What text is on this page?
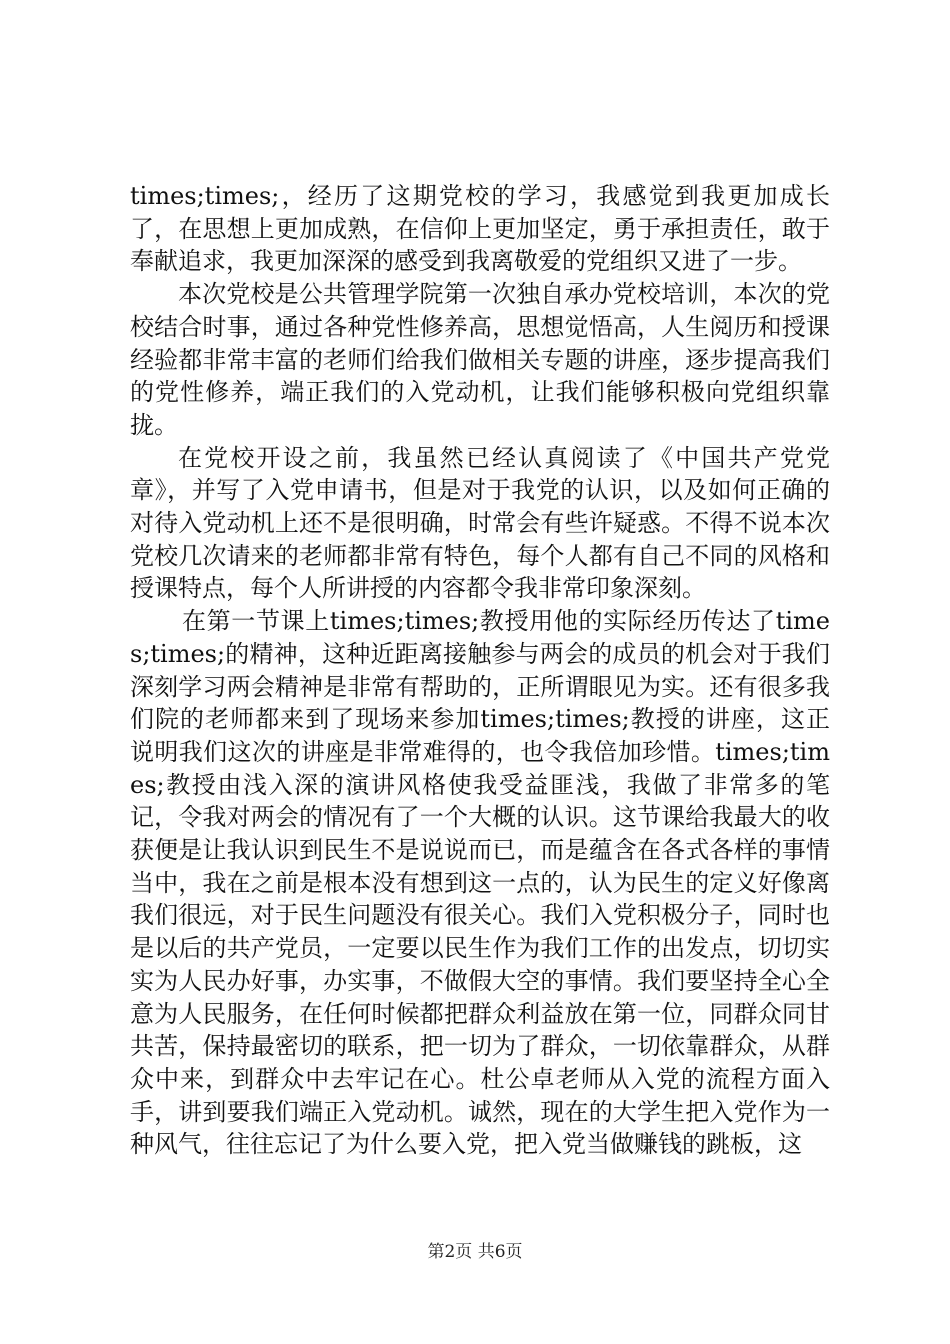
times;times;，经历了这期党校的学习，我感觉到我更加成长了，在思想上更加成熟，在信仰上更加坚定，勇于承担责任，敢于奉献追求，我更加深深的感受到我离敬爱的党组织又进了一步。

本次党校是公共管理学院第一次独自承办党校培训，本次的党校结合时事，通过各种党性修养高，思想觉悟高，人生阅历和授课经验都非常丰富的老师们给我们做相关专题的讲座，逐步提高我们的党性修养，端正我们的入党动机，让我们能够积极向党组织靠拢。

在党校开设之前，我虽然已经认真阅读了《中国共产党党章》，并写了入党申请书，但是对于我党的认识，以及如何正确的对待入党动机上还不是很明确，时常会有些许疑惑。不得不说本次党校几次请来的老师都非常有特色，每个人都有自己不同的风格和授课特点，每个人所讲授的内容都令我非常印象深刻。

在第一节课上times;times;教授用他的实际经历传达了times;times;的精神，这种近距离接触参与两会的成员的机会对于我们深刻学习两会精神是非常有帮助的，正所谓眼见为实。还有很多我们院的老师都来到了现场来参加times;times;教授的讲座，这正说明我们这次的讲座是非常难得的，也令我倍加珍惜。times;times;教授由浅入深的演讲风格使我受益匪浅，我做了非常多的笔记，令我对两会的情况有了一个大概的认识。这节课给我最大的收获便是让我认识到民生不是说说而已，而是蕴含在各式各样的事情当中，我在之前是根本没有想到这一点的，认为民生的定义好像离我们很远，对于民生问题没有很关心。我们入党积极分子，同时也是以后的共产党员，一定要以民生作为我们工作的出发点，切切实实为人民办好事，办实事，不做假大空的事情。我们要坚持全心全意为人民服务，在任何时候都把群众利益放在第一位，同群众同甘共苦，保持最密切的联系，把一切为了群众，一切依靠群众，从群众中来，到群众中去牢记在心。杜公卓老师从入党的流程方面入手，讲到要我们端正入党动机。诚然，现在的大学生把入党作为一种风气，往往忘记了为什么要入党，把入党当做赚钱的跳板，这

第2页 共6页
